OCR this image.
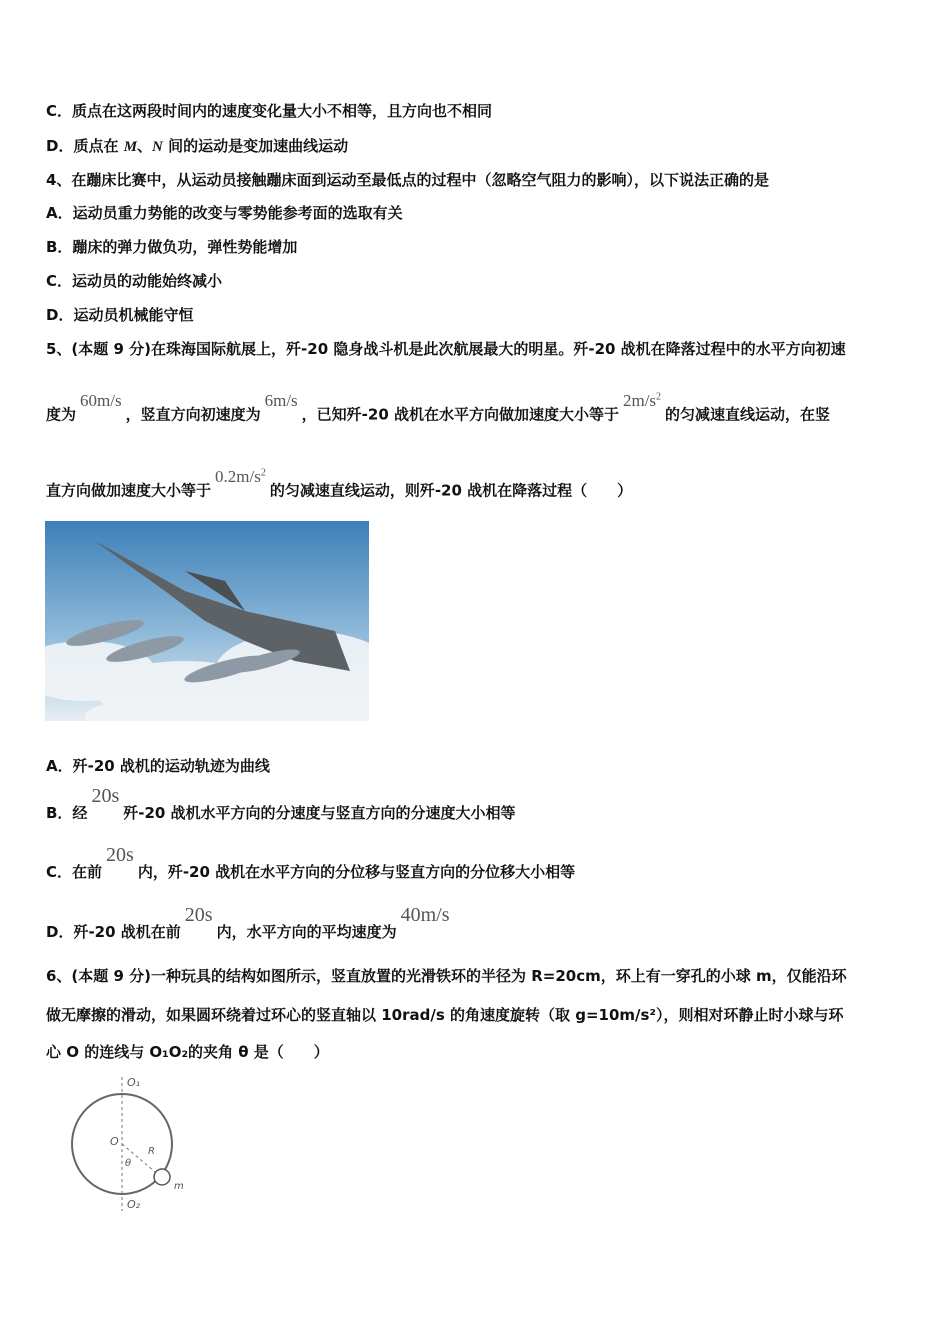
C．质点在这两段时间内的速度变化量大小不相等，且方向也不相同
D．质点在 M、N 间的运动是变加速曲线运动
4、在蹦床比赛中，从运动员接触蹦床面到运动至最低点的过程中（忽略空气阻力的影响），以下说法正确的是
A．运动员重力势能的改变与零势能参考面的选取有关
B．蹦床的弹力做负功，弹性势能增加
C．运动员的动能始终减小
D．运动员机械能守恒
5、(本题 9 分)在珠海国际航展上，歼-20 隐身战斗机是此次航展最大的明星。歼-20 战机在降落过程中的水平方向初速
度为60m/s，竖直方向初速度为6m/s，已知歼-20 战机在水平方向做加速度大小等于$2m/s^2$的匀减速直线运动，在竖
直方向做加速度大小等于$0.2m/s^2$的匀减速直线运动，则歼-20 战机在降落过程（　　）
A．歼-20 战机的运动轨迹为曲线
B．经20s歼-20 战机水平方向的分速度与竖直方向的分速度大小相等
C．在前20s内，歼-20 战机在水平方向的分位移与竖直方向的分位移大小相等
D．歼-20 战机在前20s内，水平方向的平均速度为40m/s
6、(本题 9 分)一种玩具的结构如图所示，竖直放置的光滑铁环的半径为 R=20cm，环上有一穿孔的小球 m，仅能沿环
做无摩擦的滑动，如果圆环绕着过环心的竖直轴以 10rad/s 的角速度旋转（取 g=10m/s²），则相对环静止时小球与环
心 O 的连线与 O₁O₂的夹角 θ 是（　　）
O₁
O
R
θ
m
O₂
